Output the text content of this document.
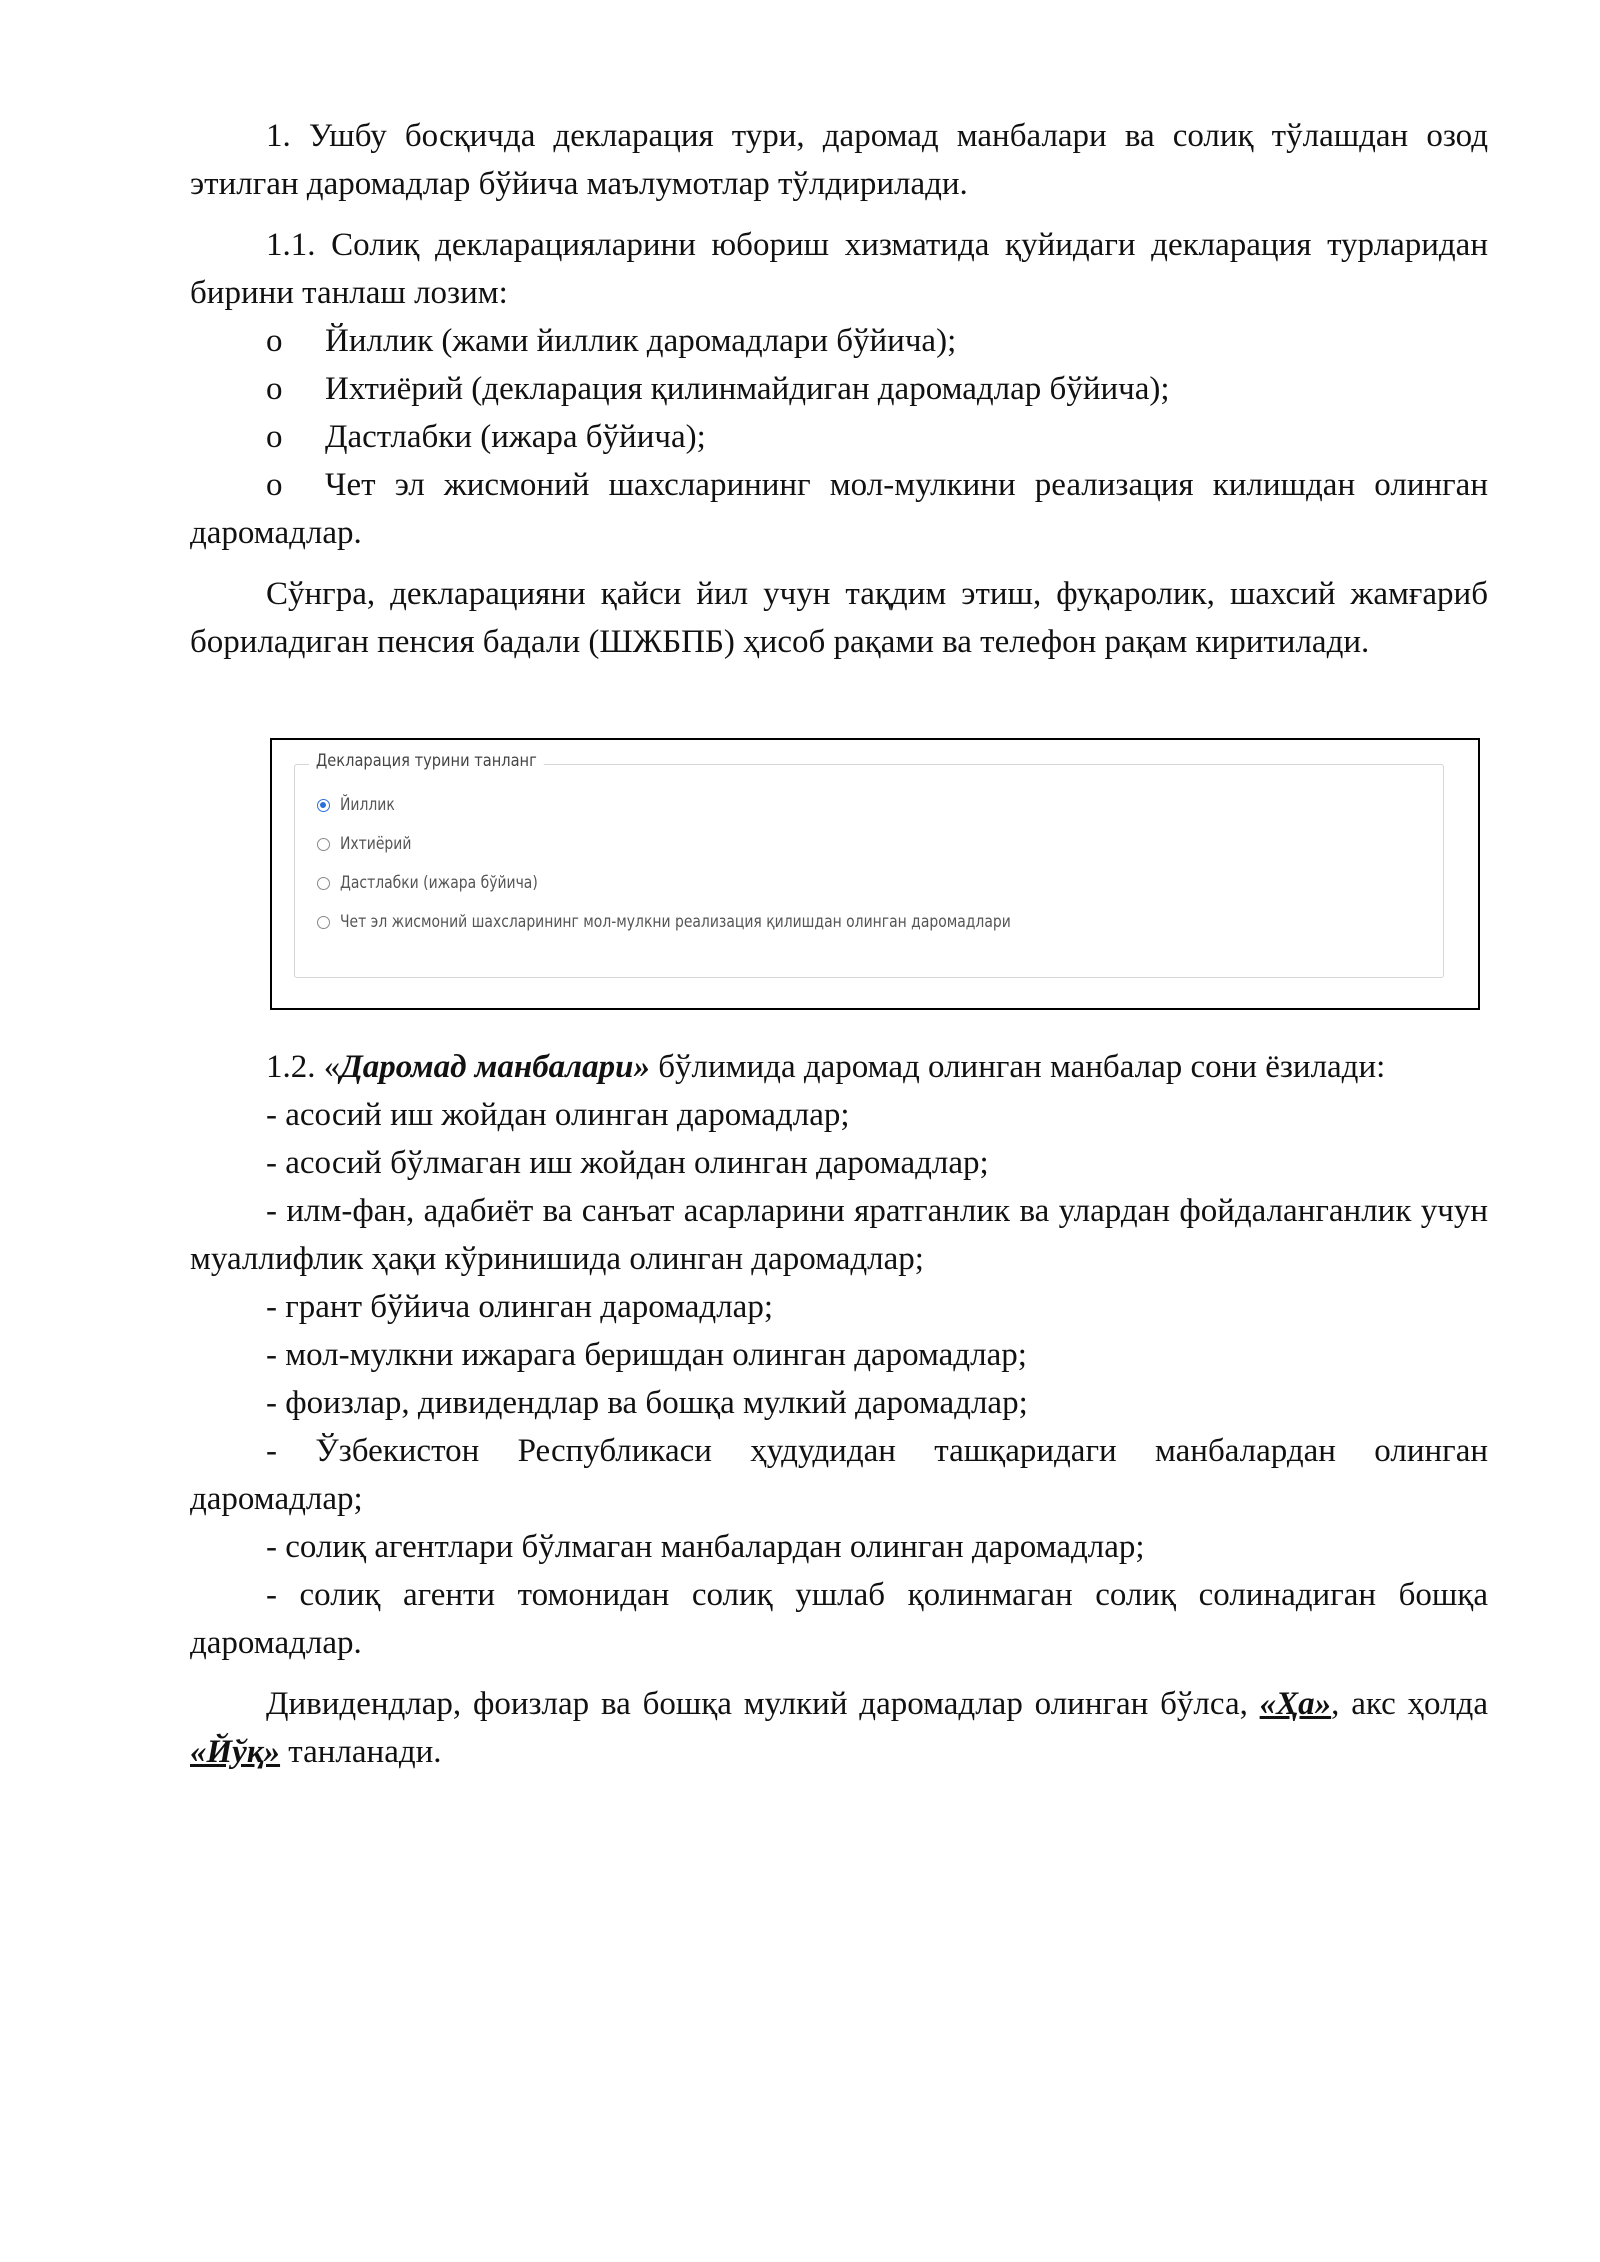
1. Ушбу босқичда декларация тури, даромад манбалари ва солиқ тўлашдан озод этилган даромадлар бўйича маълумотлар тўлдирилади.

1.1. Солиқ декларацияларини юбориш хизматида қуйидаги декларация турларидан бирини танлаш лозим:

o	Йиллик (жами йиллик даромадлари бўйича);
o	Ихтиёрий (декларация қилинмайдиган даромадлар бўйича);
o	Дастлабки (ижара бўйича);
o Чет эл жисмоний шахсларининг мол-мулкини реализация килишдан олинган даромадлар.

Сўнгра, декларацияни қайси йил учун тақдим этиш, фуқаролик, шахсий жамғариб бориладиган пенсия бадали (ШЖБПБ) ҳисоб рақами ва телефон рақам киритилади.

Декларация турини танланг
Йиллик
Ихтиёрий
Дастлабки (ижара бўйича)
Чет эл жисмоний шахсларининг мол-мулкни реализация қилишдан олинган даромадлари

1.2. «Даромад манбалари» бўлимида даромад олинган манбалар сони ёзилади:

- асосий иш жойдан олинган даромадлар;

- асосий бўлмаган иш жойдан олинган даромадлар;

- илм-фан, адабиёт ва санъат асарларини яратганлик ва улардан фойдаланганлик учун муаллифлик ҳақи кўринишида олинган даромадлар;

- грант бўйича олинган даромадлар;

- мол-мулкни ижарага беришдан олинган даромадлар;

- фоизлар, дивидендлар ва бошқа мулкий даромадлар;

- Ўзбекистон Республикаси ҳудудидан ташқаридаги манбалардан олинган даромадлар;

- солиқ агентлари бўлмаган манбалардан олинган даромадлар;

- солиқ агенти томонидан солиқ ушлаб қолинмаган солиқ солинадиган бошқа даромадлар.

Дивидендлар, фоизлар ва бошқа мулкий даромадлар олинган бўлса, «Ҳа», акс ҳолда «Йўқ» танланади.
